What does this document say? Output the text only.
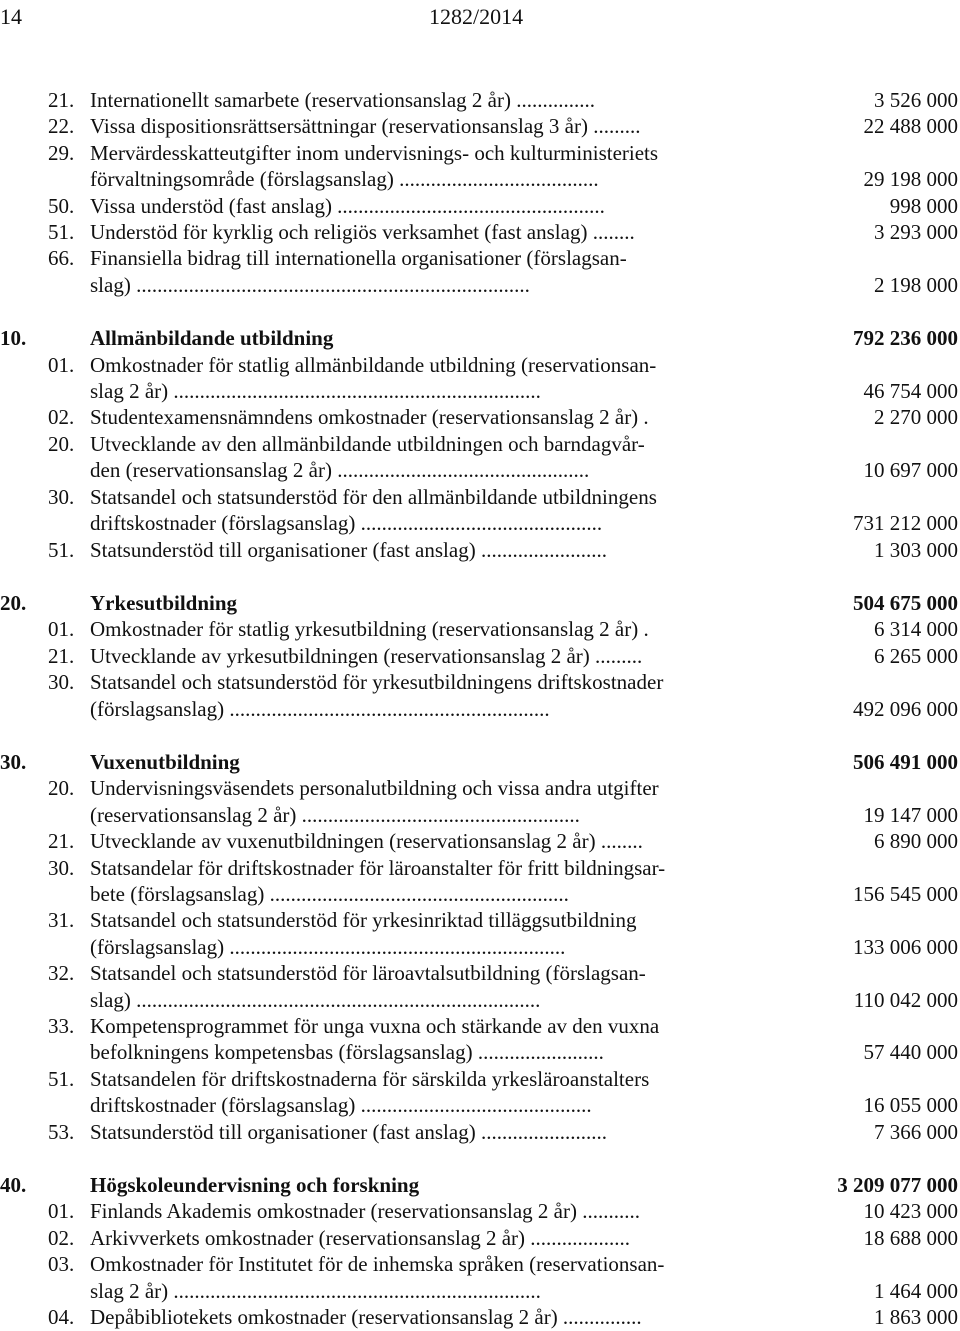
14	1282/2014
21. Internationellt samarbete (reservationsanslag 2 år) ...............	3 526 000
22. Vissa dispositionsrättsersättningar (reservationsanslag 3 år) .........	22 488 000
29. Mervärdesskatteutgifter inom undervisnings- och kulturministeriets
förvaltningsområde (förslagsanslag) ......................................	29 198 000
50. Vissa understöd (fast anslag) ...................................................	998 000
51. Understöd för kyrklig och religiös verksamhet (fast anslag) ........	3 293 000
66. Finansiella bidrag till internationella organisationer (förslagsan-
slag) ...........................................................................	2 198 000
10.	Allmänbildande utbildning	792 236 000
01. Omkostnader för statlig allmänbildande utbildning (reservationsan-
slag 2 år) ......................................................................	46 754 000
02. Studentexamensnämndens omkostnader (reservationsanslag 2 år) .	2 270 000
20. Utvecklande av den allmänbildande utbildningen och barndagvår-
den (reservationsanslag 2 år) ................................................	10 697 000
30. Statsandel och statsunderstöd för den allmänbildande utbildningens
driftskostnader (förslagsanslag) ..............................................	731 212 000
51. Statsunderstöd till organisationer (fast anslag) ........................	1 303 000
20.	Yrkesutbildning	504 675 000
01. Omkostnader för statlig yrkesutbildning (reservationsanslag 2 år) .	6 314 000
21. Utvecklande av yrkesutbildningen (reservationsanslag 2 år) .........	6 265 000
30. Statsandel och statsunderstöd för yrkesutbildningens driftskostnader
(förslagsanslag) .............................................................	492 096 000
30.	Vuxenutbildning	506 491 000
20. Undervisningsväsendets personalutbildning och vissa andra utgifter
(reservationsanslag 2 år) .....................................................	19 147 000
21. Utvecklande av vuxenutbildningen (reservationsanslag 2 år) ........	6 890 000
30. Statsandelar för driftskostnader för läroanstalter för fritt bildningsar-
bete (förslagsanslag) .........................................................	156 545 000
31. Statsandel och statsunderstöd för yrkesinriktad tilläggsutbildning
(förslagsanslag) ................................................................	133 006 000
32. Statsandel och statsunderstöd för läroavtalsutbildning (förslagsan-
slag) .............................................................................	110 042 000
33. Kompetensprogrammet för unga vuxna och stärkande av den vuxna
befolkningens kompetensbas (förslagsanslag) ........................	57 440 000
51. Statsandelen för driftskostnaderna för särskilda yrkesläroanstalters
driftskostnader (förslagsanslag) ............................................	16 055 000
53. Statsunderstöd till organisationer (fast anslag) ........................	7 366 000
40.	Högskoleundervisning och forskning	3 209 077 000
01. Finlands Akademis omkostnader (reservationsanslag 2 år) ...........	10 423 000
02. Arkivverkets omkostnader (reservationsanslag 2 år) ...................	18 688 000
03. Omkostnader för Institutet för de inhemska språken (reservationsan-
slag 2 år) ......................................................................	1 464 000
04. Depåbibliotekets omkostnader (reservationsanslag 2 år) ...............	1 863 000
